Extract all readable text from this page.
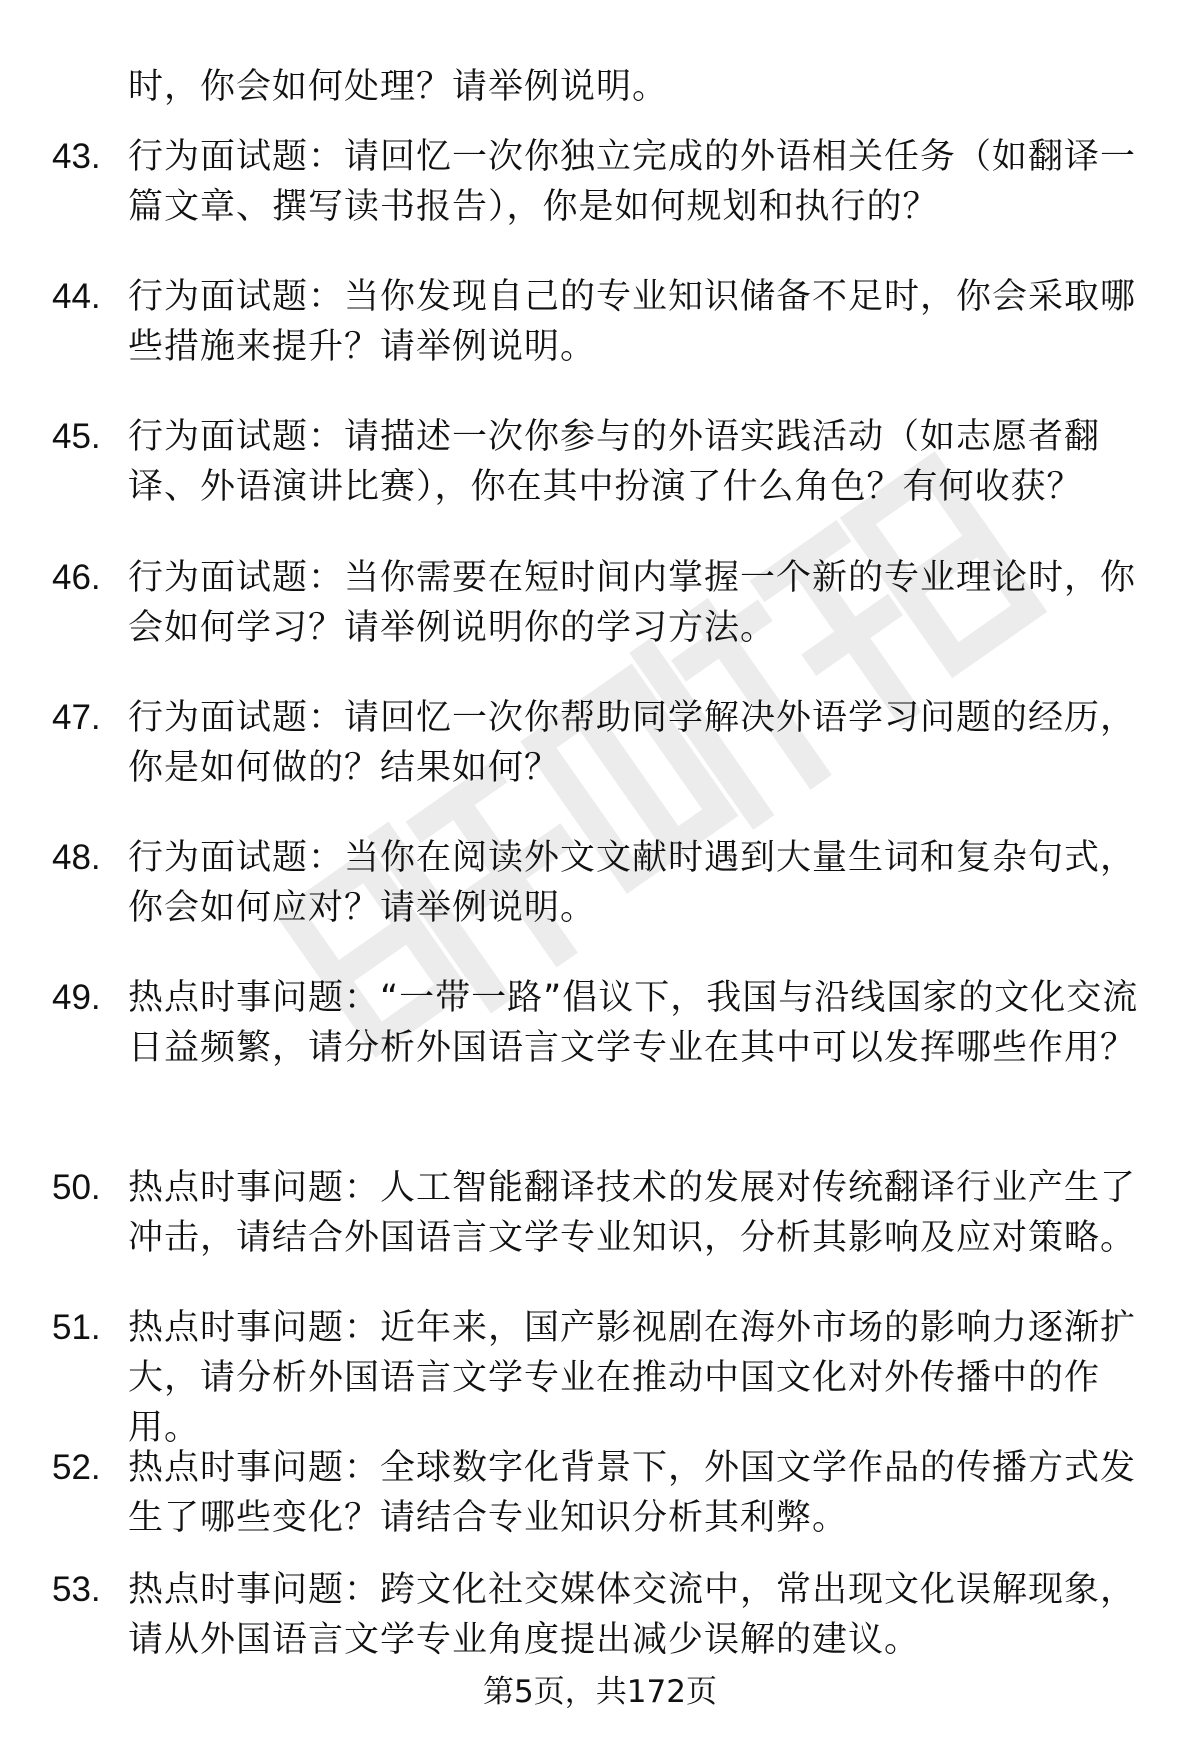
时，你会如何处理？请举例说明。
43. 行为面试题：请回忆一次你独立完成的外语相关任务（如翻译一篇文章、撰写读书报告），你是如何规划和执行的？
44. 行为面试题：当你发现自己的专业知识储备不足时，你会采取哪些措施来提升？请举例说明。
45. 行为面试题：请描述一次你参与的外语实践活动（如志愿者翻译、外语演讲比赛），你在其中扮演了什么角色？有何收获？
46. 行为面试题：当你需要在短时间内掌握一个新的专业理论时，你会如何学习？请举例说明你的学习方法。
47. 行为面试题：请回忆一次你帮助同学解决外语学习问题的经历，你是如何做的？结果如何？
48. 行为面试题：当你在阅读外文文献时遇到大量生词和复杂句式，你会如何应对？请举例说明。
49. 热点时事问题：“一带一路”倡议下，我国与沿线国家的文化交流日益频繁，请分析外国语言文学专业在其中可以发挥哪些作用？
50. 热点时事问题：人工智能翻译技术的发展对传统翻译行业产生了冲击，请结合外国语言文学专业知识，分析其影响及应对策略。
51. 热点时事问题：近年来，国产影视剧在海外市场的影响力逐渐扩大，请分析外国语言文学专业在推动中国文化对外传播中的作用。
52. 热点时事问题：全球数字化背景下，外国文学作品的传播方式发生了哪些变化？请结合专业知识分析其利弊。
53. 热点时事问题：跨文化社交媒体交流中，常出现文化误解现象，请从外国语言文学专业角度提出减少误解的建议。
第5页，共172页
